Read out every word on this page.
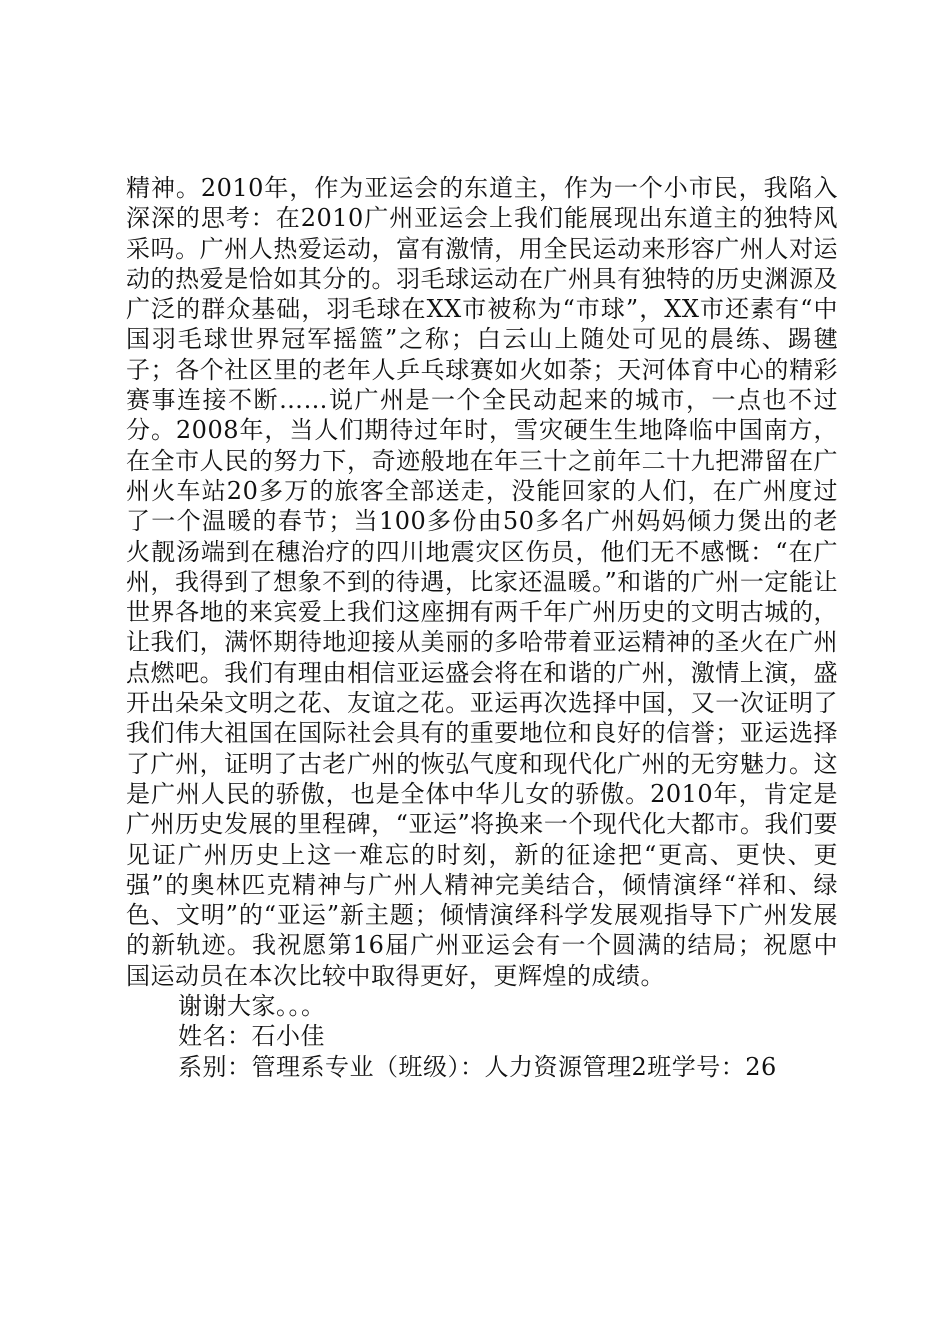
精神。2010年，作为亚运会的东道主，作为一个小市民，我陷入深深的思考：在2010广州亚运会上我们能展现出东道主的独特风采吗。广州人热爱运动，富有激情，用全民运动来形容广州人对运动的热爱是恰如其分的。羽毛球运动在广州具有独特的历史渊源及广泛的群众基础，羽毛球在XX市被称为“市球”，XX市还素有“中国羽毛球世界冠军摇篮”之称；白云山上随处可见的晨练、踢毽子；各个社区里的老年人乒乓球赛如火如荼；天河体育中心的精彩赛事连接不断……说广州是一个全民动起来的城市，一点也不过分。2008年，当人们期待过年时，雪灾硬生生地降临中国南方，在全市人民的努力下，奇迹般地在年三十之前年二十九把滞留在广州火车站20多万的旅客全部送走，没能回家的人们，在广州度过了一个温暖的春节；当100多份由50多名广州妈妈倾力煲出的老火靓汤端到在穗治疗的四川地震灾区伤员，他们无不感慨：“在广州，我得到了想象不到的待遇，比家还温暖。”和谐的广州一定能让世界各地的来宾爱上我们这座拥有两千年广州历史的文明古城的，让我们，满怀期待地迎接从美丽的多哈带着亚运精神的圣火在广州点燃吧。我们有理由相信亚运盛会将在和谐的广州，激情上演，盛开出朵朵文明之花、友谊之花。亚运再次选择中国，又一次证明了我们伟大祖国在国际社会具有的重要地位和良好的信誉；亚运选择了广州，证明了古老广州的恢弘气度和现代化广州的无穷魅力。这是广州人民的骄傲，也是全体中华儿女的骄傲。2010年，肯定是广州历史发展的里程碑，“亚运”将换来一个现代化大都市。我们要见证广州历史上这一难忘的时刻，新的征途把“更高、更快、更强”的奥林匹克精神与广州人精神完美结合，倾情演绎“祥和、绿色、文明”的“亚运”新主题；倾情演绎科学发展观指导下广州发展的新轨迹。我祝愿第16届广州亚运会有一个圆满的结局；祝愿中国运动员在本次比较中取得更好，更辉煌的成绩。

谢谢大家。。。
姓名：石小佳
系别：管理系专业（班级）：人力资源管理2班学号：26
